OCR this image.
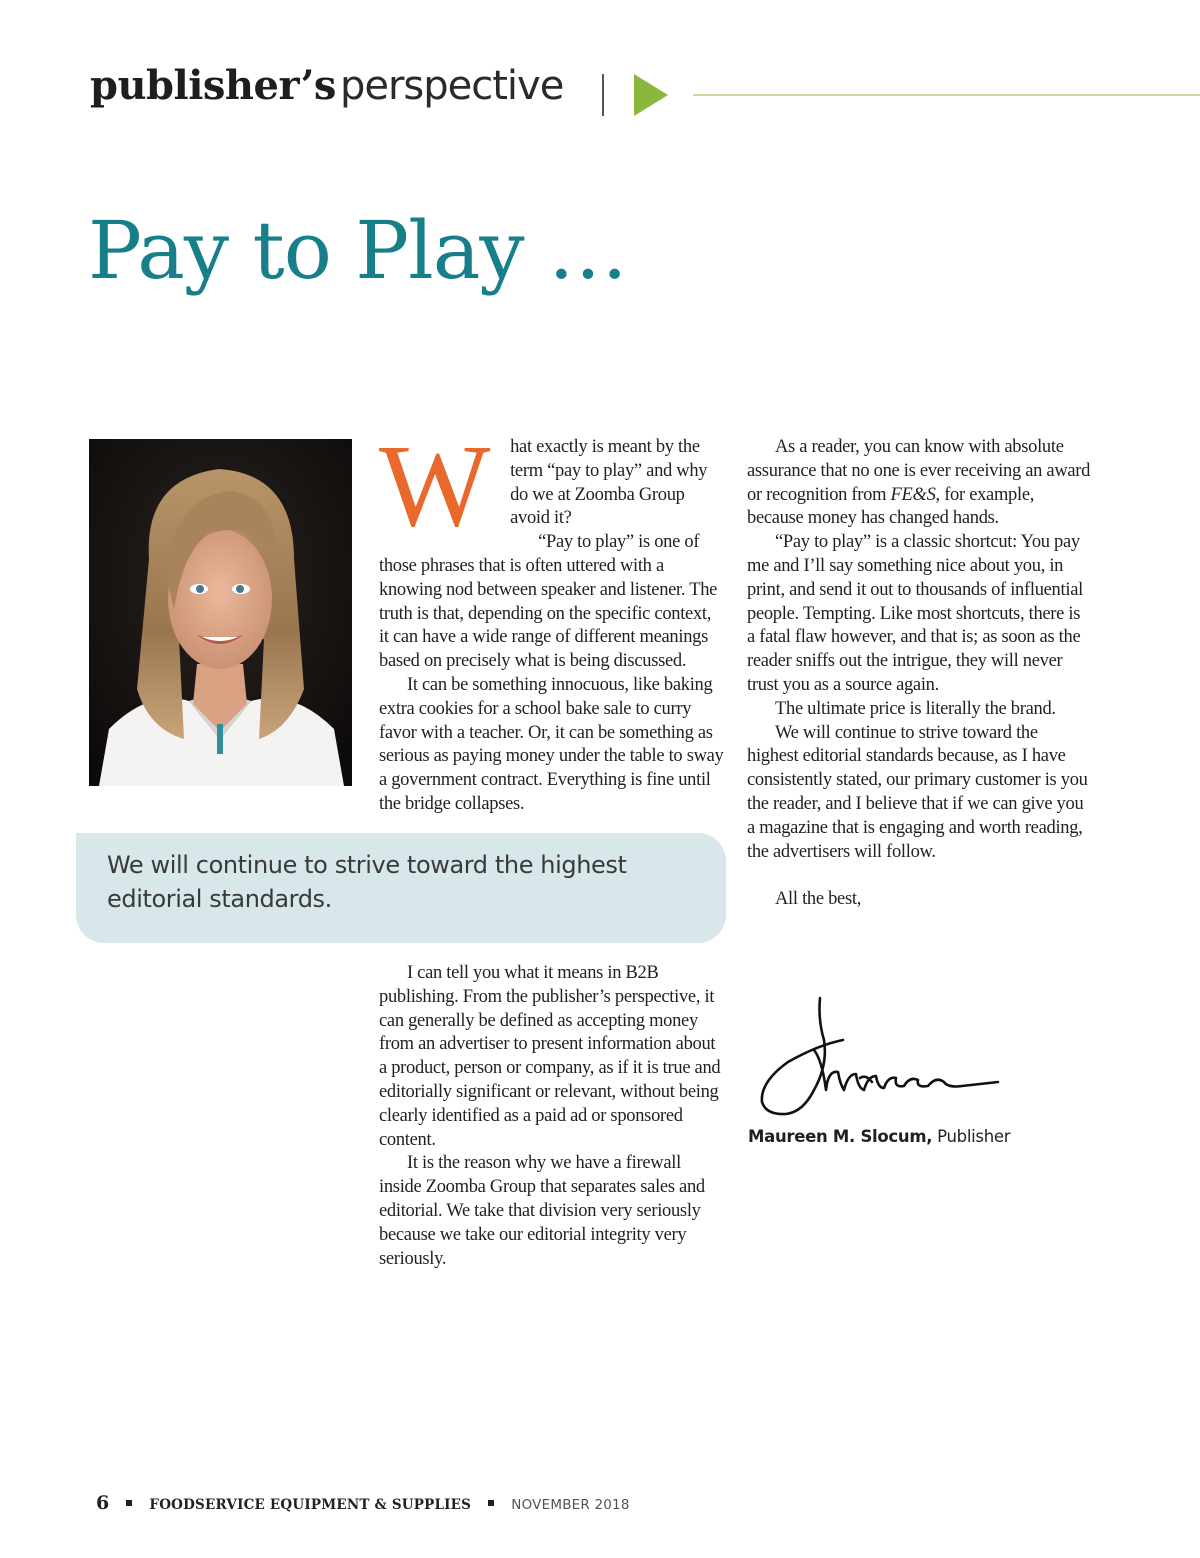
publisher’s perspective
Pay to Play …
W	hat exactly is meant by the term “pay to play” and why do we at Zoomba Group avoid it?

“Pay to play” is one of those phrases that is often uttered with a knowing nod between speaker and listener. The truth is that, depending on the specific context, it can have a wide range of different meanings based on precisely what is being discussed.

It can be something innocuous, like baking extra cookies for a school bake sale to curry favor with a teacher. Or, it can be something as serious as paying money under the table to sway a government contract. Everything is fine until the bridge collapses.

We will continue to strive toward the highest editorial standards.

I can tell you what it means in B2B publishing. From the publisher’s perspective, it can generally be defined as accepting money from an advertiser to present information about a product, person or company, as if it is true and editorially significant or relevant, without being clearly identified as a paid ad or sponsored content.

It is the reason why we have a firewall inside Zoomba Group that separates sales and editorial. We take that division very seriously because we take our editorial integrity very seriously.

As a reader, you can know with absolute assurance that no one is ever receiving an award or recognition from FE&S, for example, because money has changed hands.

“Pay to play” is a classic shortcut: You pay me and I’ll say something nice about you, in print, and send it out to thousands of influential people. Tempting. Like most shortcuts, there is a fatal flaw however, and that is; as soon as the reader sniffs out the intrigue, they will never trust you as a source again.

The ultimate price is literally the brand.

We will continue to strive toward the highest editorial standards because, as I have consistently stated, our primary customer is you the reader, and I believe that if we can give you a magazine that is engaging and worth reading, the advertisers will follow.

All the best,

Maureen M. Slocum, Publisher
6	FOODSERVICE EQUIPMENT & SUPPLIES	NOVEMBER 2018
